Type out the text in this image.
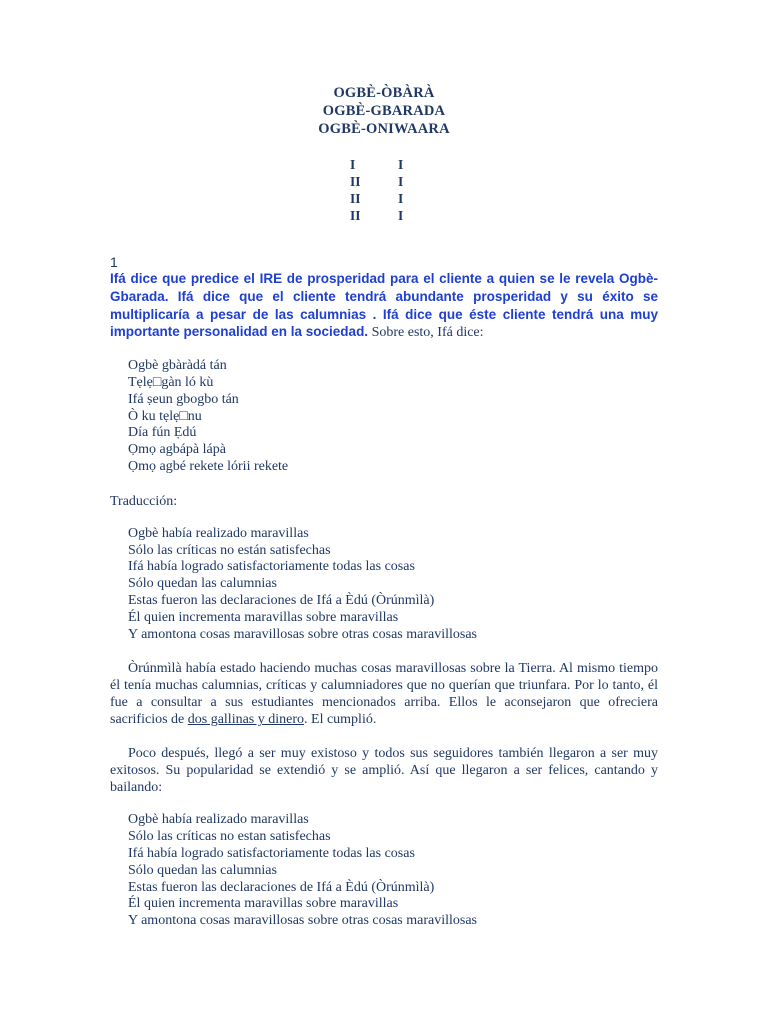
OGBÈ-ÒBÀRÀ
OGBÈ-GBARADA
OGBÈ-ONIWAARA
I	I
II	I
II	I
II	I
1

Ifá dice que predice el IRE de prosperidad para el cliente a quien se le revela Ogbè-Gbarada. Ifá dice que el cliente tendrá abundante prosperidad y su éxito se multiplicaría a pesar de las calumnias . Ifá dice que éste cliente tendrá una muy importante personalidad en la sociedad. Sobre esto, Ifá dice:

Ogbè gbàràdá tán
Tẹlẹ□gàn ló kù
Ifá ṣeun gbogbo tán
Ò ku tẹlẹ□nu
Día fún Ẹdú
Ọmọ agbápà lápà
Ọmọ agbé rekete lórii rekete
Traducción:
Ogbè había realizado maravillas
Sólo las críticas no están satisfechas
Ifá había logrado satisfactoriamente todas las cosas
Sólo quedan las calumnias
Estas fueron las declaraciones de Ifá a Èdú (Òrúnmìlà)
Él quien incrementa maravillas sobre maravillas
Y amontona cosas maravillosas sobre otras cosas maravillosas

Òrúnmìlà había estado haciendo muchas cosas maravillosas sobre la Tierra. Al mismo tiempo él tenía muchas calumnias, críticas y calumniadores que no querían que triunfara. Por lo tanto, él fue a consultar a sus estudiantes mencionados arriba. Ellos le aconsejaron que ofreciera sacrificios de dos gallinas y dinero. El cumplió.

Poco después, llegó a ser muy existoso y todos sus seguidores también llegaron a ser muy exitosos. Su popularidad se extendió y se amplió. Así que llegaron a ser felices, cantando y bailando:

Ogbè había realizado maravillas
Sólo las críticas no estan satisfechas
Ifá había logrado satisfactoriamente todas las cosas
Sólo quedan las calumnias
Estas fueron las declaraciones de Ifá a Èdú (Òrúnmìlà)
Él quien incrementa maravillas sobre maravillas
Y amontona cosas maravillosas sobre otras cosas maravillosas
